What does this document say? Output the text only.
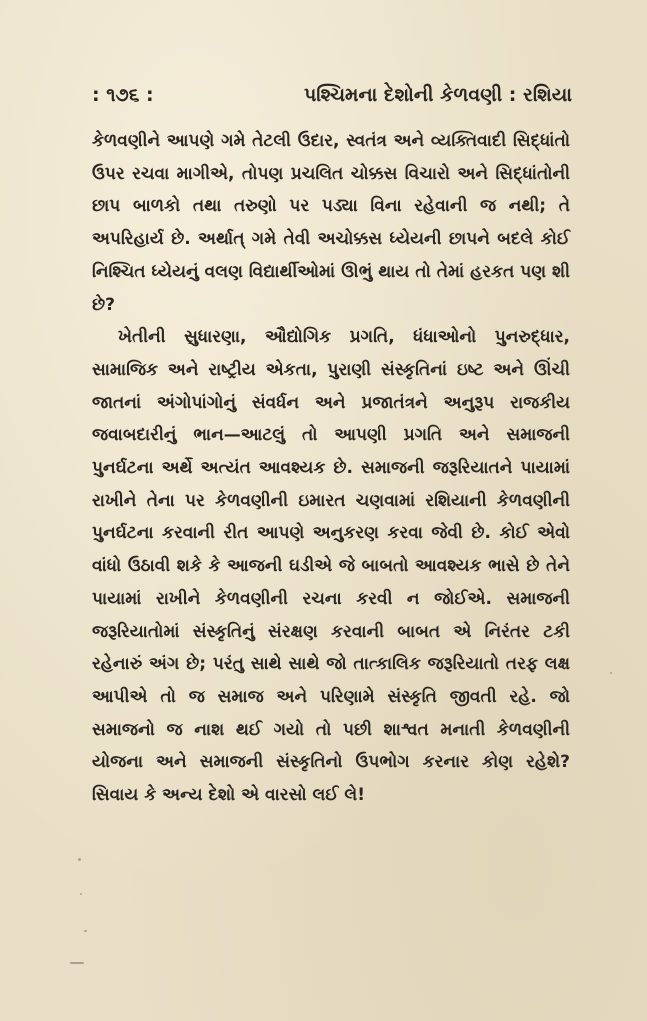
: ૧૭૬ :	પશ્ચિમના દેશોની કેળવણી : રશિયા

કેળવણીને આપણે ગમે તેટલી ઉદાર, સ્વતંત્ર અને વ્યક્તિવાદી સિદ્ધાંતો ઉપર રચવા માગીએ, તોપણ પ્રચલિત ચોક્કસ વિચારો અને સિદ્ધાંતોની છાપ બાળકો તથા તરુણો પર પડ્યા વિના રહેવાની જ નથી; તે અપરિહાર્ય છે. અર્થાત્ ગમે તેવી અચોક્કસ ધ્યેયની છાપને બદલે કોઈ નિશ્ચિત ધ્યેયનું વલણ વિદ્યાર્થીઓમાં ઊભું થાય તો તેમાં હરકત પણ શી છે?

ખેતીની સુધારણા, ઔદ્યોગિક પ્રગતિ, ધંધાઓનો પુનરુદ્ધાર, સામાજિક અને રાષ્ટ્રીય એકતા, પુરાણી સંસ્કૃતિનાં ઇષ્ટ અને ઊંચી જાતનાં અંગોપાંગોનું સંવર્ધન અને પ્રજાતંત્રને અનુરૂપ રાજકીય જવાબદારીનું ભાન—આટલું તો આપણી પ્રગતિ અને સમાજની પુનર્ઘટના અર્થે અત્યંત આવશ્યક છે. સમાજની જરૂરિયાતને પાયામાં રાખીને તેના પર કેળવણીની ઇમારત ચણવામાં રશિયાની કેળવણીની પુનર્ઘટના કરવાની રીત આપણે અનુકરણ કરવા જેવી છે. કોઈ એવો વાંધો ઉઠાવી શકે કે આજની ઘડીએ જે બાબતો આવશ્યક ભાસે છે તેને પાયામાં રાખીને કેળવણીની રચના કરવી ન જોઈએ. સમાજની જરૂરિયાતોમાં સંસ્કૃતિનું સંરક્ષણ કરવાની બાબત એ નિરંતર ટકી રહેનારું અંગ છે; પરંતુ સાથે સાથે જો તાત્કાલિક જરૂરિયાતો તરફ લક્ષ આપીએ તો જ સમાજ અને પરિણામે સંસ્કૃતિ જીવતી રહે. જો સમાજનો જ નાશ થઈ ગયો તો પછી શાશ્વત મનાતી કેળવણીની યોજના અને સમાજની સંસ્કૃતિનો ઉપભોગ કરનાર કોણ રહેશે? સિવાય કે અન્ય દેશો એ વારસો લઈ લે!
